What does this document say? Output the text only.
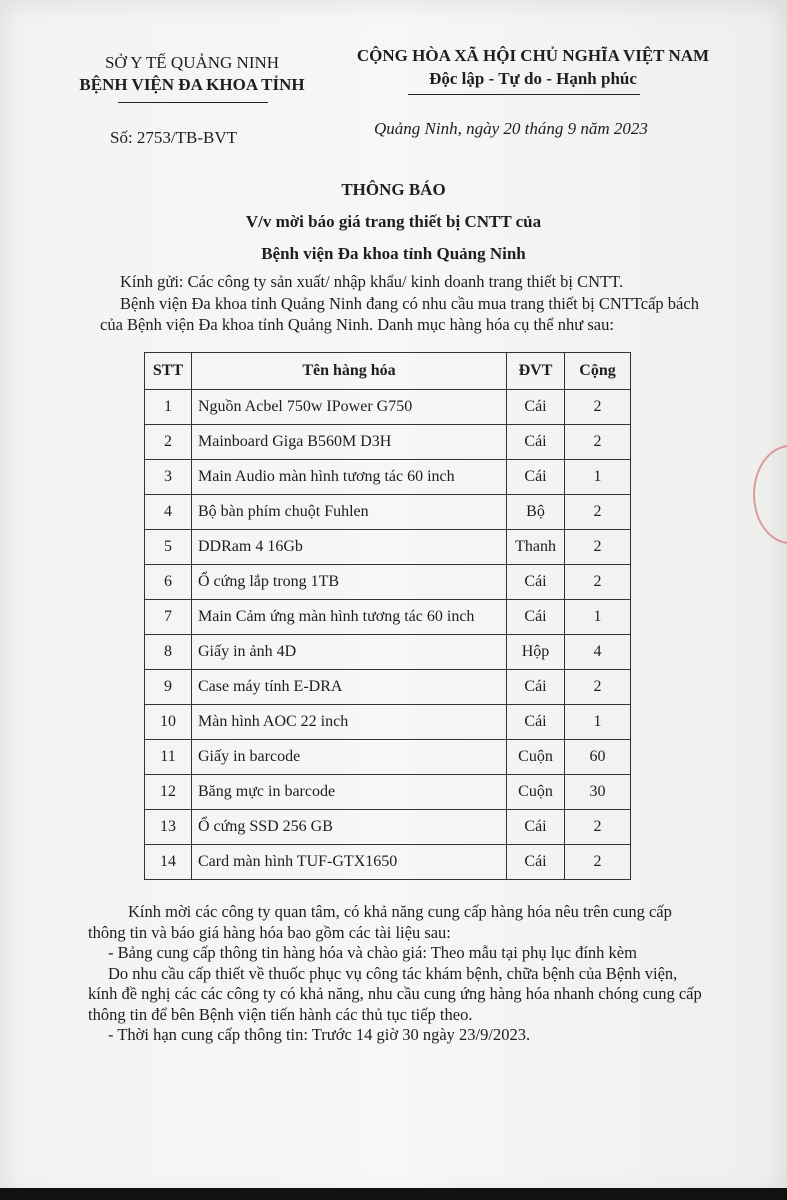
SỞ Y TẾ QUẢNG NINH
BỆNH VIỆN ĐA KHOA TỈNH
CỘNG HÒA XÃ HỘI CHỦ NGHĨA VIỆT NAM
Độc lập - Tự do - Hạnh phúc
Số: 2753/TB-BVT	Quảng Ninh, ngày 20 tháng 9 năm 2023
THÔNG BÁO
V/v mời báo giá trang thiết bị CNTT của
Bệnh viện Đa khoa tỉnh Quảng Ninh
Kính gửi: Các công ty sản xuất/ nhập khẩu/ kinh doanh trang thiết bị CNTT.
Bệnh viện Đa khoa tỉnh Quảng Ninh đang có nhu cầu mua trang thiết bị CNTTcấp bách của Bệnh viện Đa khoa tỉnh Quảng Ninh. Danh mục hàng hóa cụ thể như sau:
STT	Tên hàng hóa	ĐVT	Cộng
1	Nguồn Acbel 750w IPower G750	Cái	2
2	Mainboard Giga B560M D3H	Cái	2
3	Main Audio màn hình tương tác 60 inch	Cái	1
4	Bộ bàn phím chuột Fuhlen	Bộ	2
5	DDRam 4 16Gb	Thanh	2
6	Ổ cứng lắp trong 1TB	Cái	2
7	Main Cảm ứng màn hình tương tác 60 inch	Cái	1
8	Giấy in ảnh 4D	Hộp	4
9	Case máy tính E-DRA	Cái	2
10	Màn hình AOC 22 inch	Cái	1
11	Giấy in barcode	Cuộn	60
12	Băng mực in barcode	Cuộn	30
13	Ổ cứng SSD 256 GB	Cái	2
14	Card màn hình TUF-GTX1650	Cái	2

Kính mời các công ty quan tâm, có khả năng cung cấp hàng hóa nêu trên cung cấp thông tin và báo giá hàng hóa bao gồm các tài liệu sau:

- Bảng cung cấp thông tin hàng hóa và chào giá: Theo mẫu tại phụ lục đính kèm

Do nhu cầu cấp thiết về thuốc phục vụ công tác khám bệnh, chữa bệnh của Bệnh viện, kính đề nghị các các công ty có khả năng, nhu cầu cung ứng hàng hóa nhanh chóng cung cấp thông tin để bên Bệnh viện tiến hành các thủ tục tiếp theo.

- Thời hạn cung cấp thông tin: Trước 14 giờ 30 ngày 23/9/2023.
